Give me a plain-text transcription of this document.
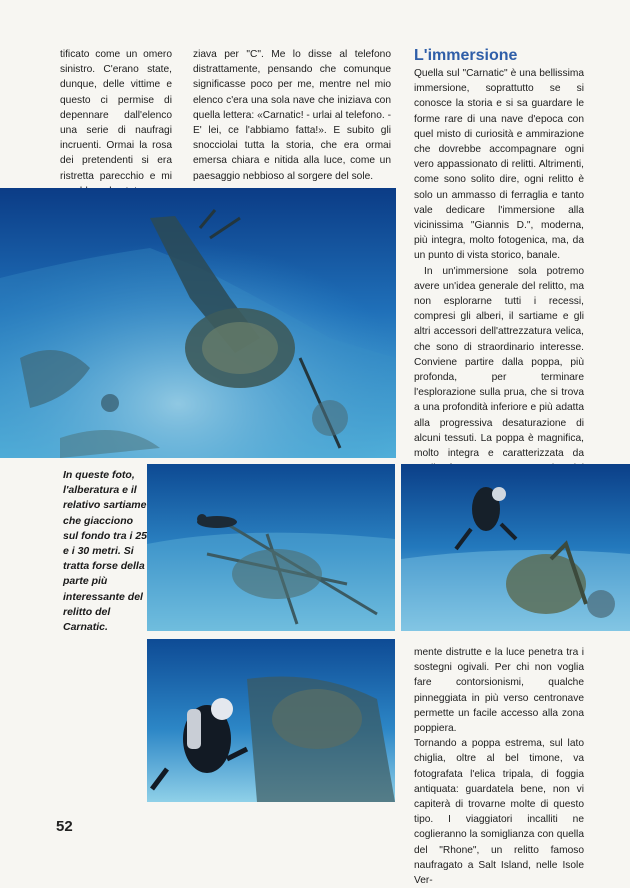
tificato come un omero sinistro. C'erano state, dunque, delle vittime e questo ci permise di depennare dall'elenco una serie di naufragi incruenti. Ormai la rosa dei pretendenti si era ristretta parecchio e mi

ziava per "C". Me lo disse al telefono distrattamente, pensando che comunque significasse poco per me, mentre nel mio elenco c'era una sola nave che iniziava con quella lettera: «Carnatic! - urlai al telefono. - E' lei, ce l'abbiamo fatta!». E subito gli snocciolai tutta la storia, che era ormai emersa chiara e nitida alla luce, come un paesaggio nebbioso al sorgere del sole.

L'immersione

Quella sul "Carnatic" è una bellissima immersione, soprattutto se si conosce la storia e si sa guardare le forme rare di una nave d'epoca con quel misto di curiosità e ammirazione che dovrebbe accompagnare ogni vero appassionato di relitti. Altrimenti, come sono solito dire, ogni relitto è solo un ammasso di ferraglia e tanto vale dedicare l'immersione alla vicinissima "Giannis D.", moderna, più integra, molto fotogenica, ma, da un punto di vista storico, banale.

In un'immersione sola potremo avere un'idea generale del relitto, ma non esplorarne tutti i recessi, compresi gli alberi, il sartiame e gli altri accessori dell'attrezzatura velica, che sono di straordinario interesse. Conviene partire dalla poppa, più profonda, per terminare l'esplorazione sulla prua, che si trova a una profondità inferiore e più adatta alla progressiva desaturazione di alcuni tessuti. La poppa è magnifica, molto integra e caratterizzata da

mente distrutte e la luce penetra tra i sostegni ogivali. Per chi non voglia fare contorsionismi, qualche pinneggiata in più verso centronave permette un facile accesso alla zona poppiera.

Tornando a poppa estrema, sul lato chiglia, oltre al bel timone, va fotografata l'elica tripala, di foggia antiquata: guardatela bene, non vi capiterà di trovarne molte di questo tipo. I viaggiatori incalliti ne coglieranno la somiglianza con quella del "Rhone", un relitto famoso naufragato a Salt Island, nelle Isole Ver-

In queste foto, l'alberatura e il relativo sartiame che giacciono sul fondo tra i 25 e i 30 metri. Si tratta forse della parte più interessante del relitto del Carnatic.
52
